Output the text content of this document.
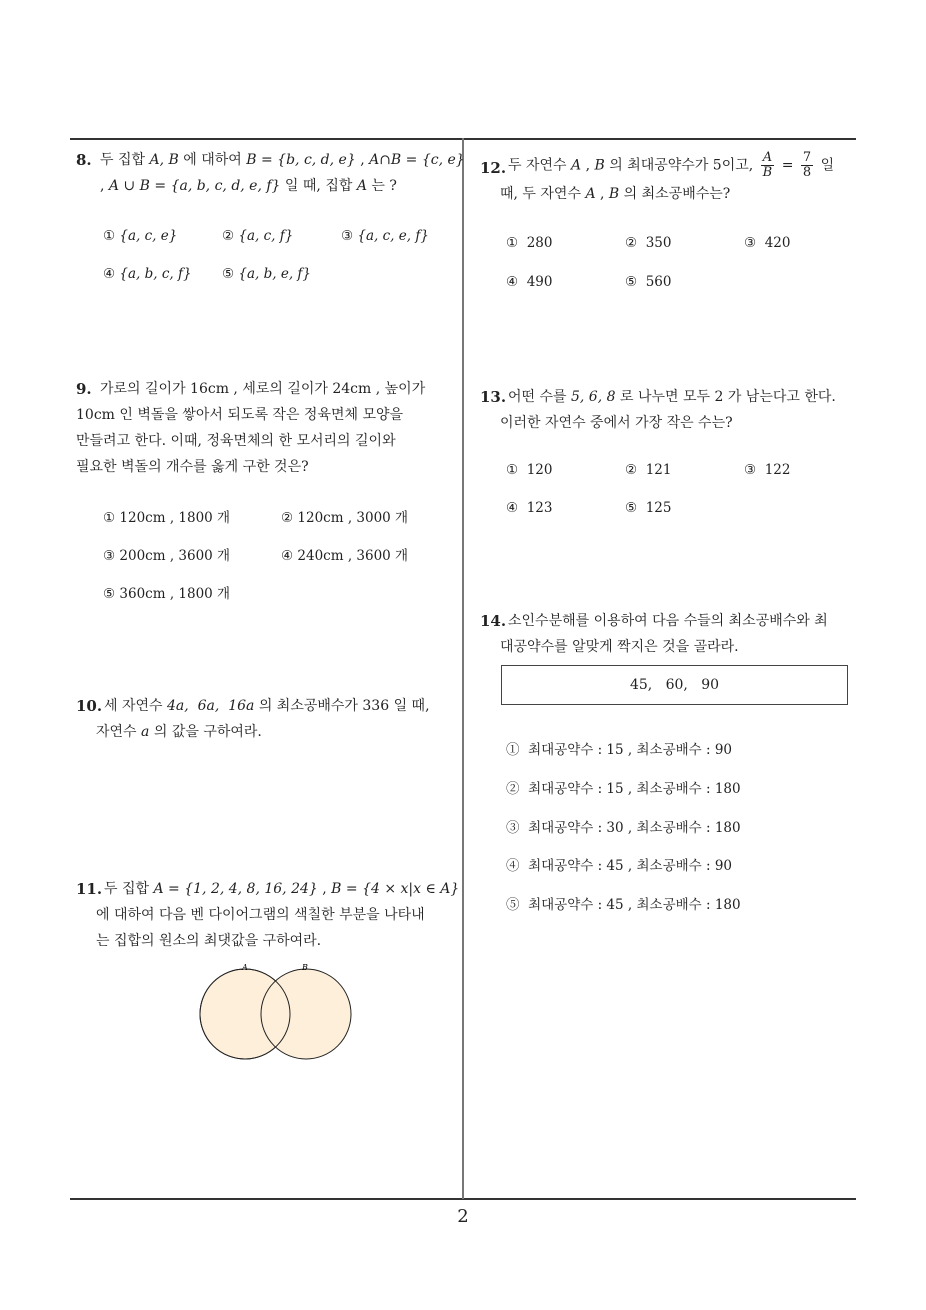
8. 두 집합 A, B 에 대하여 B = {b, c, d, e} , A∩B = {c, e}
, A ∪ B = {a, b, c, d, e, f} 일 때, 집합 A 는 ?
① {a, c, e}	② {a, c, f}	③ {a, c, e, f}
④ {a, b, c, f} ⑤ {a, b, e, f}
9. 가로의 길이가 16cm , 세로의 길이가 24cm , 높이가
10cm 인 벽돌을 쌓아서 되도록 작은 정육면체 모양을
만들려고 한다. 이때, 정육면체의 한 모서리의 길이와
필요한 벽돌의 개수를 옳게 구한 것은?
① 120cm , 1800 개	② 120cm , 3000 개
③ 200cm , 3600 개	④ 240cm , 3600 개
⑤ 360cm , 1800 개
10. 세 자연수 4a,  6a,  16a 의 최소공배수가 336 일 때,
자연수 a 의 값을 구하여라.
11. 두 집합 A = {1, 2, 4, 8, 16, 24} , B = {4 × x|x ∈ A}
에 대하여 다음 벤 다이어그램의 색칠한 부분을 나타내
는 집합의 원소의 최댓값을 구하여라.
A	B
12. 두 자연수 A , B 의 최대공약수가 5이고, $\frac{A}{B} = \frac{7}{8}$ 일
때, 두 자연수 A , B 의 최소공배수는?
① 280	② 350	③ 420
④ 490	⑤ 560
13. 어떤 수를 5, 6, 8 로 나누면 모두 2 가 남는다고 한다.
이러한 자연수 중에서 가장 작은 수는?
① 120	② 121	③ 122
④ 123	⑤ 125
14. 소인수분해를 이용하여 다음 수들의 최소공배수와 최
대공약수를 알맞게 짝지은 것을 골라라.
45,   60,   90
① 최대공약수 : 15 , 최소공배수 : 90
② 최대공약수 : 15 , 최소공배수 : 180
③ 최대공약수 : 30 , 최소공배수 : 180
④ 최대공약수 : 45 , 최소공배수 : 90
⑤ 최대공약수 : 45 , 최소공배수 : 180
2
